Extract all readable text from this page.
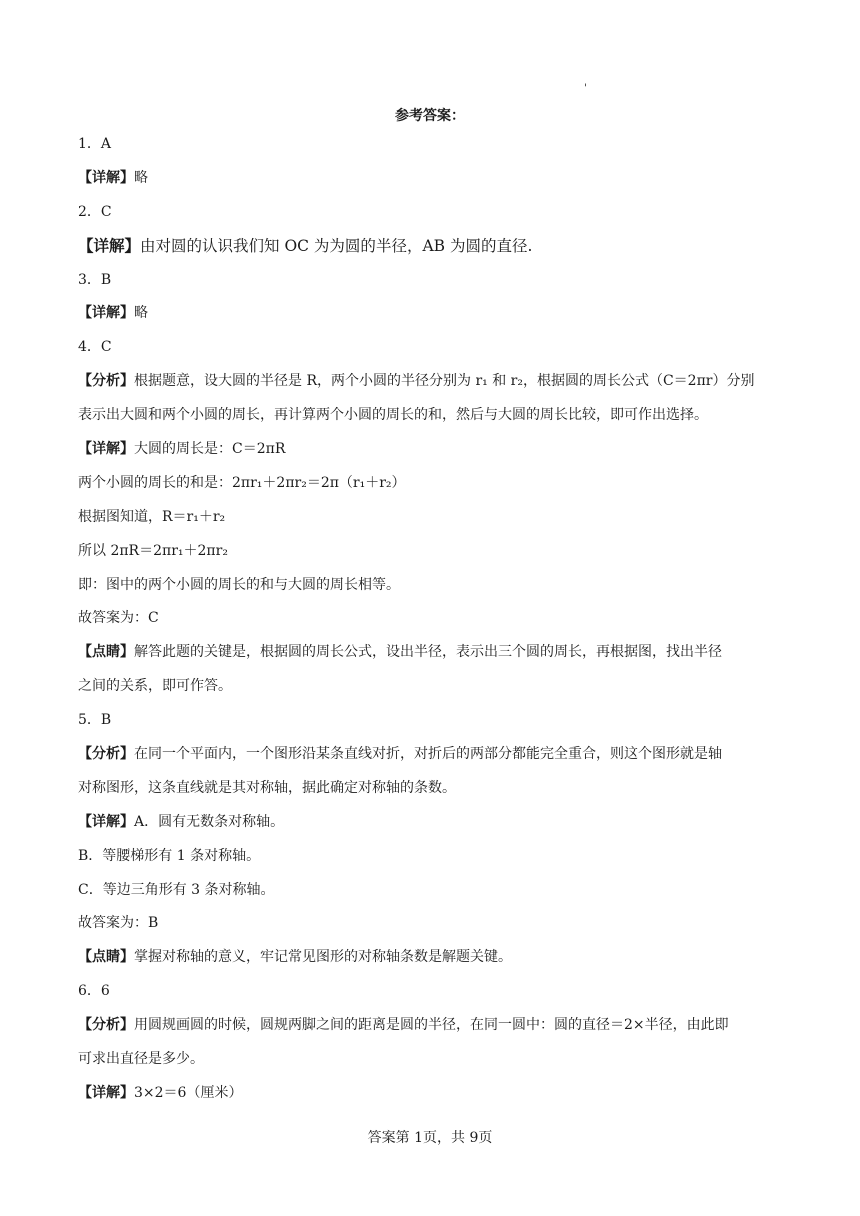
'
参考答案：
1．A
【详解】略
2．C
【详解】由对圆的认识我们知 OC 为为圆的半径，AB 为圆的直径.
3．B
【详解】略
4．C
【分析】根据题意，设大圆的半径是 R，两个小圆的半径分别为 r₁ 和 r₂，根据圆的周长公式（C＝2πr）分别
表示出大圆和两个小圆的周长，再计算两个小圆的周长的和，然后与大圆的周长比较，即可作出选择。
【详解】大圆的周长是：C＝2πR
两个小圆的周长的和是：2πr₁＋2πr₂＝2π（r₁＋r₂）
根据图知道，R＝r₁＋r₂
所以 2πR＝2πr₁＋2πr₂
即：图中的两个小圆的周长的和与大圆的周长相等。
故答案为：C
【点睛】解答此题的关键是，根据圆的周长公式，设出半径，表示出三个圆的周长，再根据图，找出半径
之间的关系，即可作答。
5．B
【分析】在同一个平面内，一个图形沿某条直线对折，对折后的两部分都能完全重合，则这个图形就是轴
对称图形，这条直线就是其对称轴，据此确定对称轴的条数。
【详解】A．圆有无数条对称轴。
B．等腰梯形有 1 条对称轴。
C．等边三角形有 3 条对称轴。
故答案为：B
【点睛】掌握对称轴的意义，牢记常见图形的对称轴条数是解题关键。
6．6
【分析】用圆规画圆的时候，圆规两脚之间的距离是圆的半径，在同一圆中：圆的直径＝2×半径，由此即
可求出直径是多少。
【详解】3×2＝6（厘米）
答案第 1页，共 9页
